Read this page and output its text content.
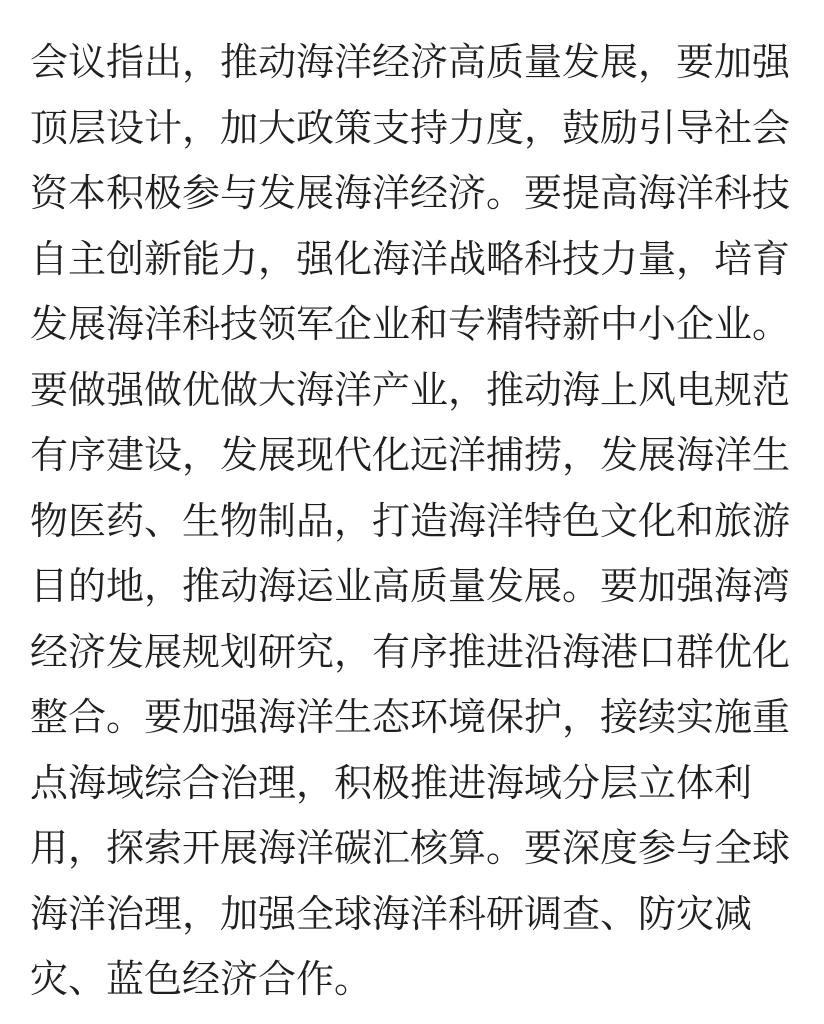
会议指出，推动海洋经济高质量发展，要加强
顶层设计，加大政策支持力度，鼓励引导社会
资本积极参与发展海洋经济。要提高海洋科技
自主创新能力，强化海洋战略科技力量，培育
发展海洋科技领军企业和专精特新中小企业。
要做强做优做大海洋产业，推动海上风电规范
有序建设，发展现代化远洋捕捞，发展海洋生
物医药、生物制品，打造海洋特色文化和旅游
目的地，推动海运业高质量发展。要加强海湾
经济发展规划研究，有序推进沿海港口群优化
整合。要加强海洋生态环境保护，接续实施重
点海域综合治理，积极推进海域分层立体利
用，探索开展海洋碳汇核算。要深度参与全球
海洋治理，加强全球海洋科研调查、防灾减
灾、蓝色经济合作。
